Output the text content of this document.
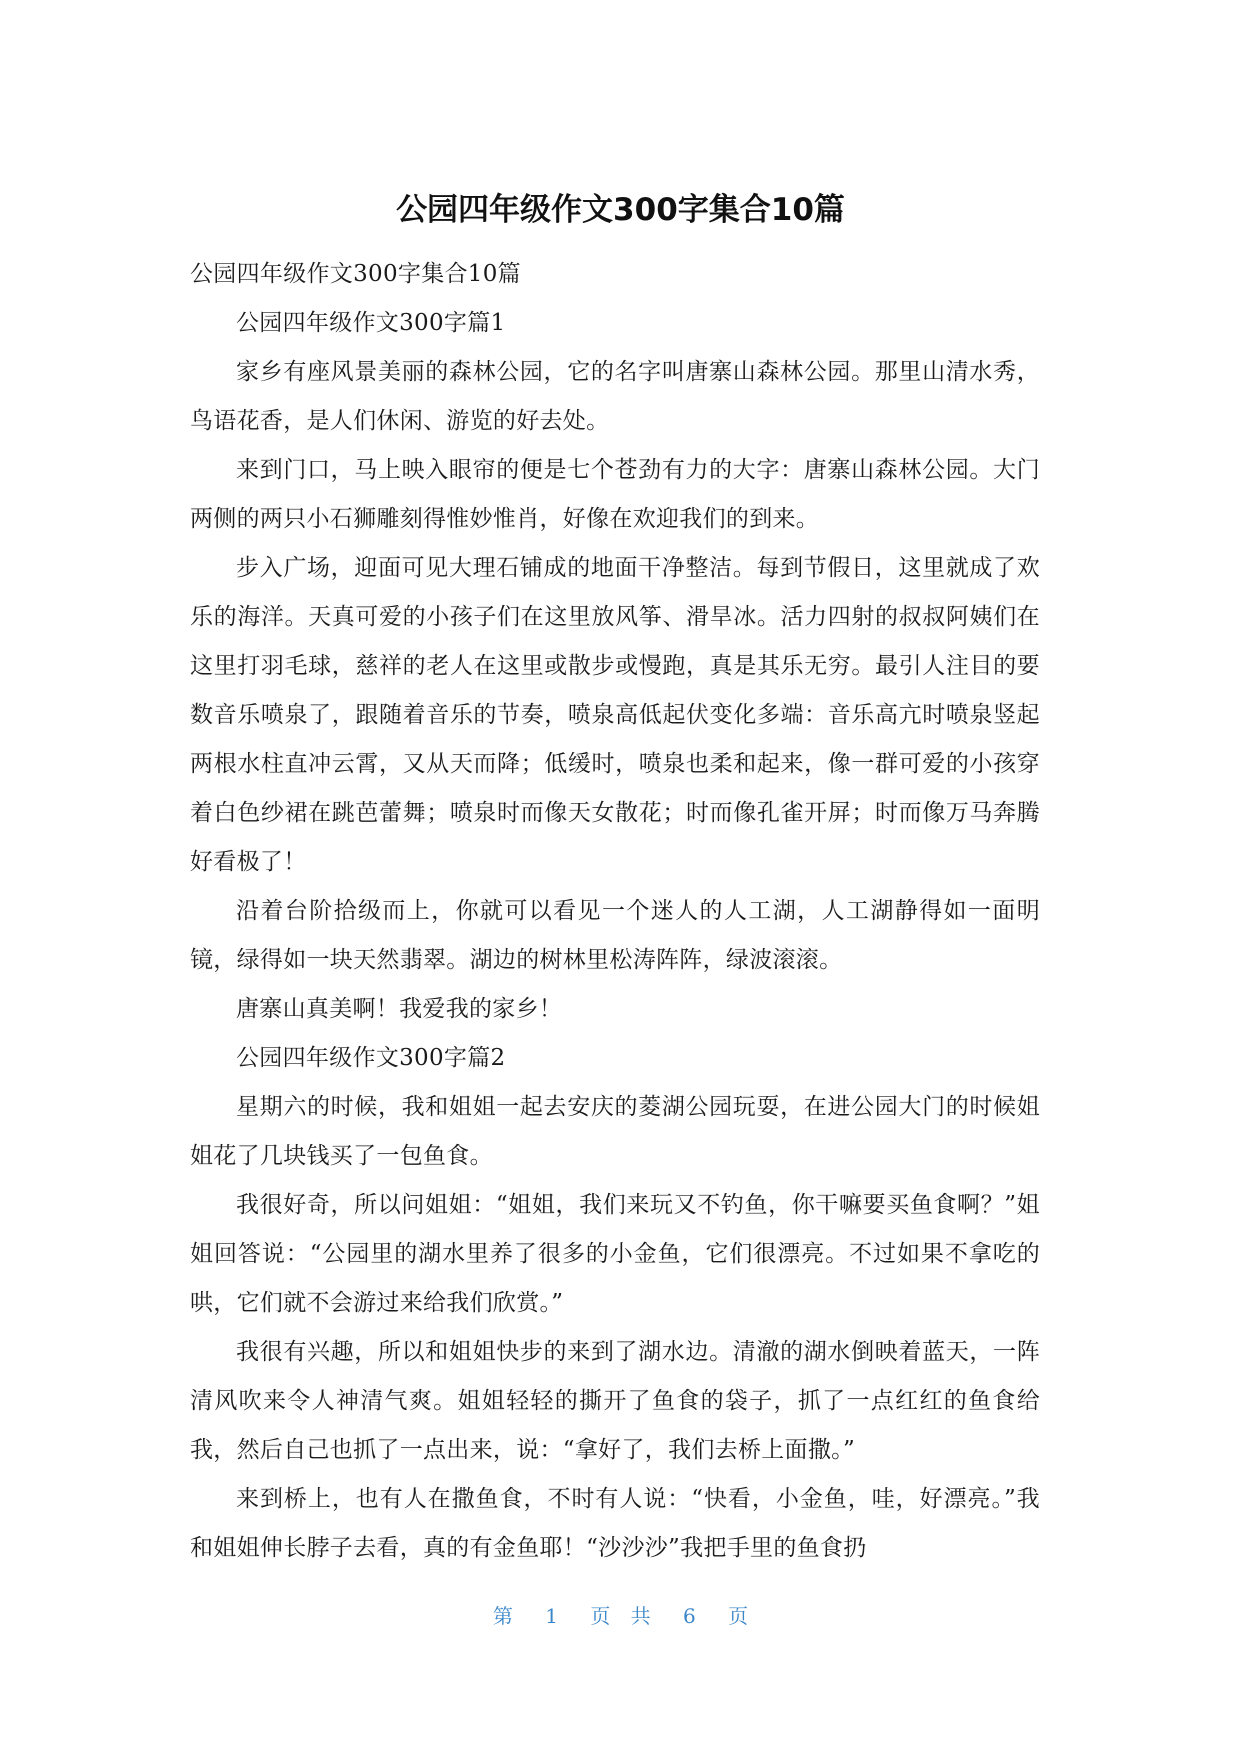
公园四年级作文300字集合10篇

公园四年级作文300字集合10篇

公园四年级作文300字篇1

家乡有座风景美丽的森林公园，它的名字叫唐寨山森林公园。那里山清水秀，鸟语花香，是人们休闲、游览的好去处。

来到门口，马上映入眼帘的便是七个苍劲有力的大字：唐寨山森林公园。大门两侧的两只小石狮雕刻得惟妙惟肖，好像在欢迎我们的到来。

步入广场，迎面可见大理石铺成的地面干净整洁。每到节假日，这里就成了欢乐的海洋。天真可爱的小孩子们在这里放风筝、滑旱冰。活力四射的叔叔阿姨们在这里打羽毛球，慈祥的老人在这里或散步或慢跑，真是其乐无穷。最引人注目的要数音乐喷泉了，跟随着音乐的节奏，喷泉高低起伏变化多端：音乐高亢时喷泉竖起两根水柱直冲云霄，又从天而降；低缓时，喷泉也柔和起来，像一群可爱的小孩穿着白色纱裙在跳芭蕾舞；喷泉时而像天女散花；时而像孔雀开屏；时而像万马奔腾好看极了！

沿着台阶拾级而上，你就可以看见一个迷人的人工湖，人工湖静得如一面明镜，绿得如一块天然翡翠。湖边的树林里松涛阵阵，绿波滚滚。

唐寨山真美啊！我爱我的家乡！

公园四年级作文300字篇2

星期六的时候，我和姐姐一起去安庆的菱湖公园玩耍，在进公园大门的时候姐姐花了几块钱买了一包鱼食。

我很好奇，所以问姐姐：“姐姐，我们来玩又不钓鱼，你干嘛要买鱼食啊？”姐姐回答说：“公园里的湖水里养了很多的小金鱼，它们很漂亮。不过如果不拿吃的哄，它们就不会游过来给我们欣赏。”

我很有兴趣，所以和姐姐快步的来到了湖水边。清澈的湖水倒映着蓝天，一阵清风吹来令人神清气爽。姐姐轻轻的撕开了鱼食的袋子，抓了一点红红的鱼食给我，然后自己也抓了一点出来，说：“拿好了，我们去桥上面撒。”

来到桥上，也有人在撒鱼食，不时有人说：“快看，小金鱼，哇，好漂亮。”我和姐姐伸长脖子去看，真的有金鱼耶！“沙沙沙”我把手里的鱼食扔

第 1 页 共 6 页
